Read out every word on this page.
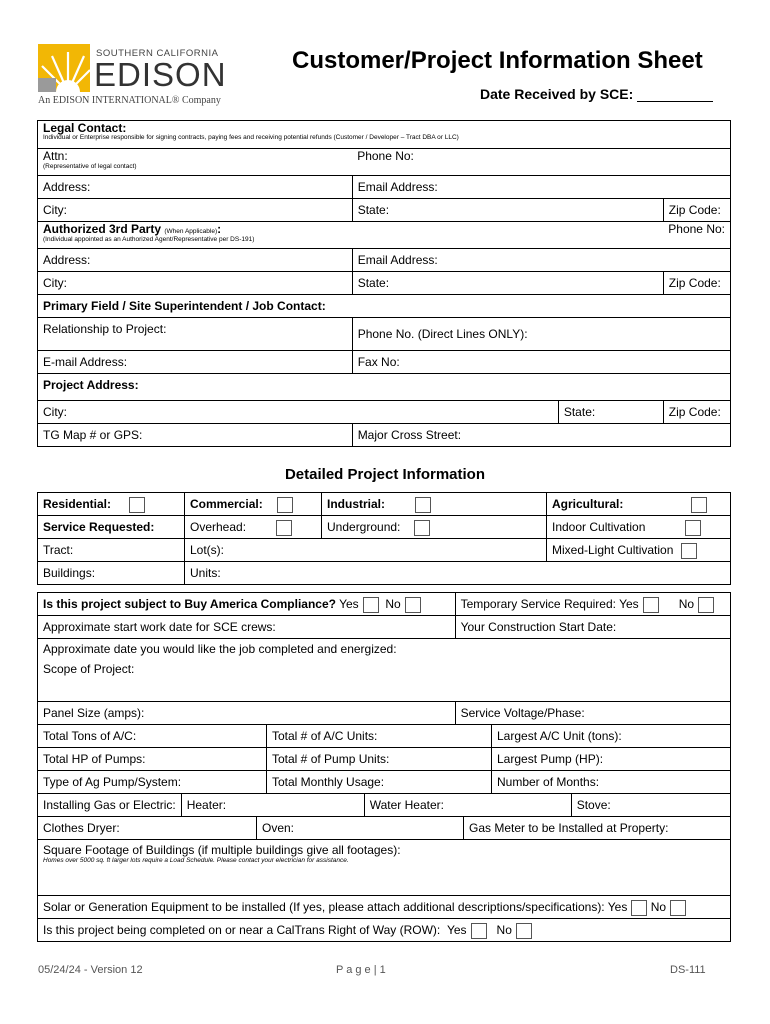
SOUTHERN CALIFORNIA
EDISON
An EDISON INTERNATIONAL® Company
Customer/Project Information Sheet
Date Received by SCE:
Legal Contact:
Individual or Enterprise responsible for signing contracts, paying fees and receiving potential refunds (Customer / Developer – Tract DBA or LLC)			

Attn:
(Representative of legal contact)	Phone No:		
Address:	Email Address:		
City:	State:		Zip Code:

Authorized 3rd Party (When Applicable):
(Individual appointed as an Authorized Agent/Representative per DS-191)			Phone No:
Address:	Email Address:		
City:	State:		Zip Code:
Primary Field / Site Superintendent / Job Contact:			
Relationship to Project:	Phone No. (Direct Lines ONLY):		
E-mail Address:	Fax No:		
Project Address:			
City:		State:	Zip Code:
TG Map # or GPS:	Major Cross Street:		
Detailed Project Information
Residential:	Commercial:	Industrial:	Agricultural:
Service Requested:	Overhead:	Underground:	Indoor Cultivation
Tract:	Lot(s):		Mixed-Light Cultivation
Buildings:	Units:		
Is this project subject to Buy America Compliance? Yes No	Temporary Service Required: Yes No
Approximate start work date for SCE crews:	Your Construction Start Date:
Approximate date you would like the job completed and energized:	
Scope of Project:	
Panel Size (amps):	Service Voltage/Phase:
Total Tons of A/C:	Total # of A/C Units:	Largest A/C Unit (tons):
Total HP of Pumps:	Total # of Pump Units:	Largest Pump (HP):
Type of Ag Pump/System:	Total Monthly Usage:	Number of Months:
Installing Gas or Electric:	Heater:	Water Heater:	Stove:
Clothes Dryer:	Oven:	Gas Meter to be Installed at Property:

Square Footage of Buildings (if multiple buildings give all footages):
Homes over 5000 sq. ft larger lots require a Load Schedule. Please contact your electrician for assistance.

Solar or Generation Equipment to be installed (If yes, please attach additional descriptions/specifications): Yes No
Is this project being completed on or near a CalTrans Right of Way (ROW): Yes	No
05/24/24 - Version 12	P a g e | 1	DS-111
